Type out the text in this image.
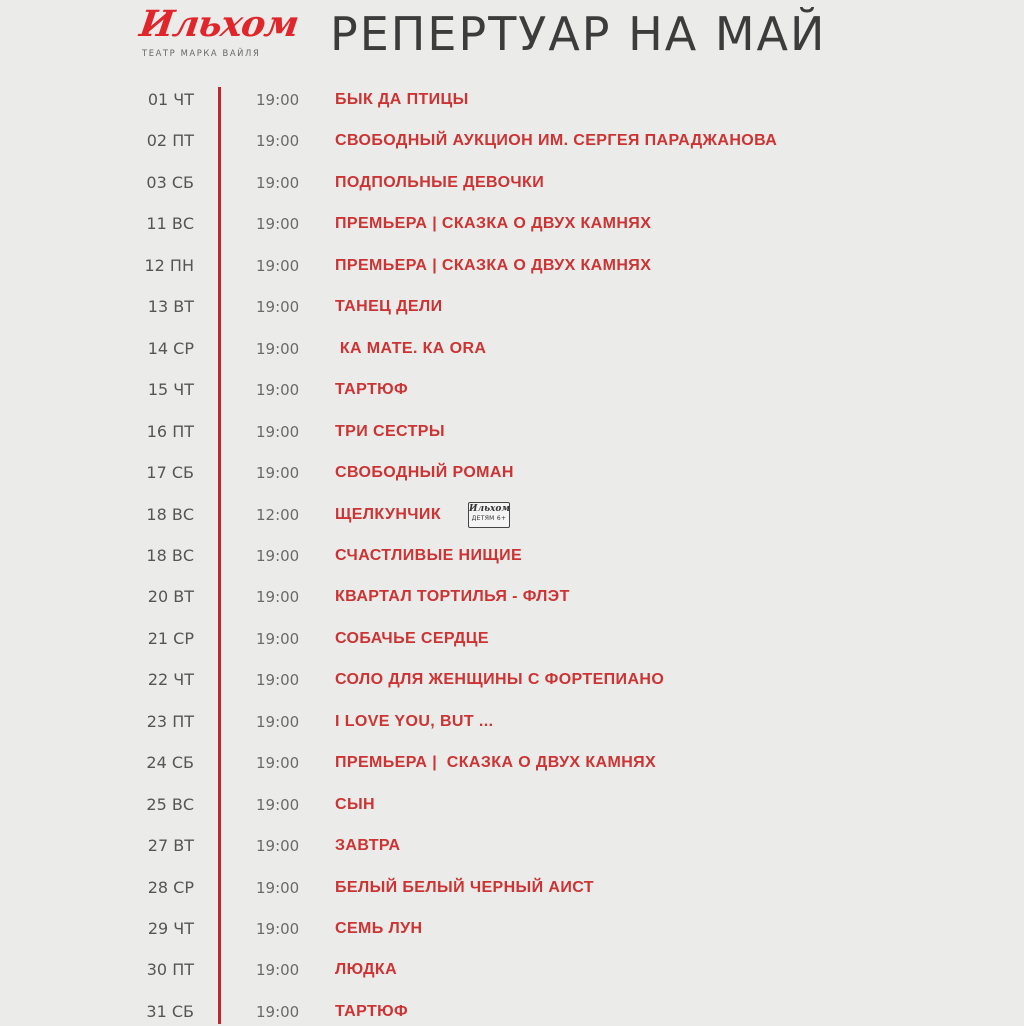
Ильхом
ТЕАТР МАРКА ВАЙЛЯ РЕПЕРТУАР НА МАЙ
01 ЧТ	19:00 БЫК ДА ПТИЦЫ
02 ПТ	19:00 СВОБОДНЫЙ АУКЦИОН ИМ. СЕРГЕЯ ПАРАДЖАНОВА
03 СБ	19:00 ПОДПОЛЬНЫЕ ДЕВОЧКИ
11 ВС	19:00 ПРЕМЬЕРА | СКАЗКА О ДВУХ КАМНЯХ
12 ПН	19:00 ПРЕМЬЕРА | СКАЗКА О ДВУХ КАМНЯХ
13 ВТ	19:00 ТАНЕЦ ДЕЛИ
14 СР	19:00 КА МАТЕ. КА ОRA
15 ЧТ	19:00 ТАРТЮФ
16 ПТ	19:00 ТРИ СЕСТРЫ
17 СБ	19:00 СВОБОДНЫЙ РОМАН
18 ВС	12:00 ЩЕЛКУНЧИК	Ильхом
ДЕТЯМ 6+
18 ВС	19:00 СЧАСТЛИВЫЕ НИЩИЕ
20 ВТ	19:00 КВАРТАЛ ТОРТИЛЬЯ - ФЛЭТ
21 СР	19:00 СОБАЧЬЕ СЕРДЦЕ
22 ЧТ	19:00 СОЛО ДЛЯ ЖЕНЩИНЫ С ФОРТЕПИАНО
23 ПТ	19:00 I LOVE YOU, BUT ...
24 СБ	19:00 ПРЕМЬЕРА |  СКАЗКА О ДВУХ КАМНЯХ
25 ВС	19:00 СЫН
27 ВТ	19:00 ЗАВТРА
28 СР	19:00 БЕЛЫЙ БЕЛЫЙ ЧЕРНЫЙ АИСТ
29 ЧТ	19:00 СЕМЬ ЛУН
30 ПТ	19:00 ЛЮДКА
31 СБ	19:00 ТАРТЮФ
